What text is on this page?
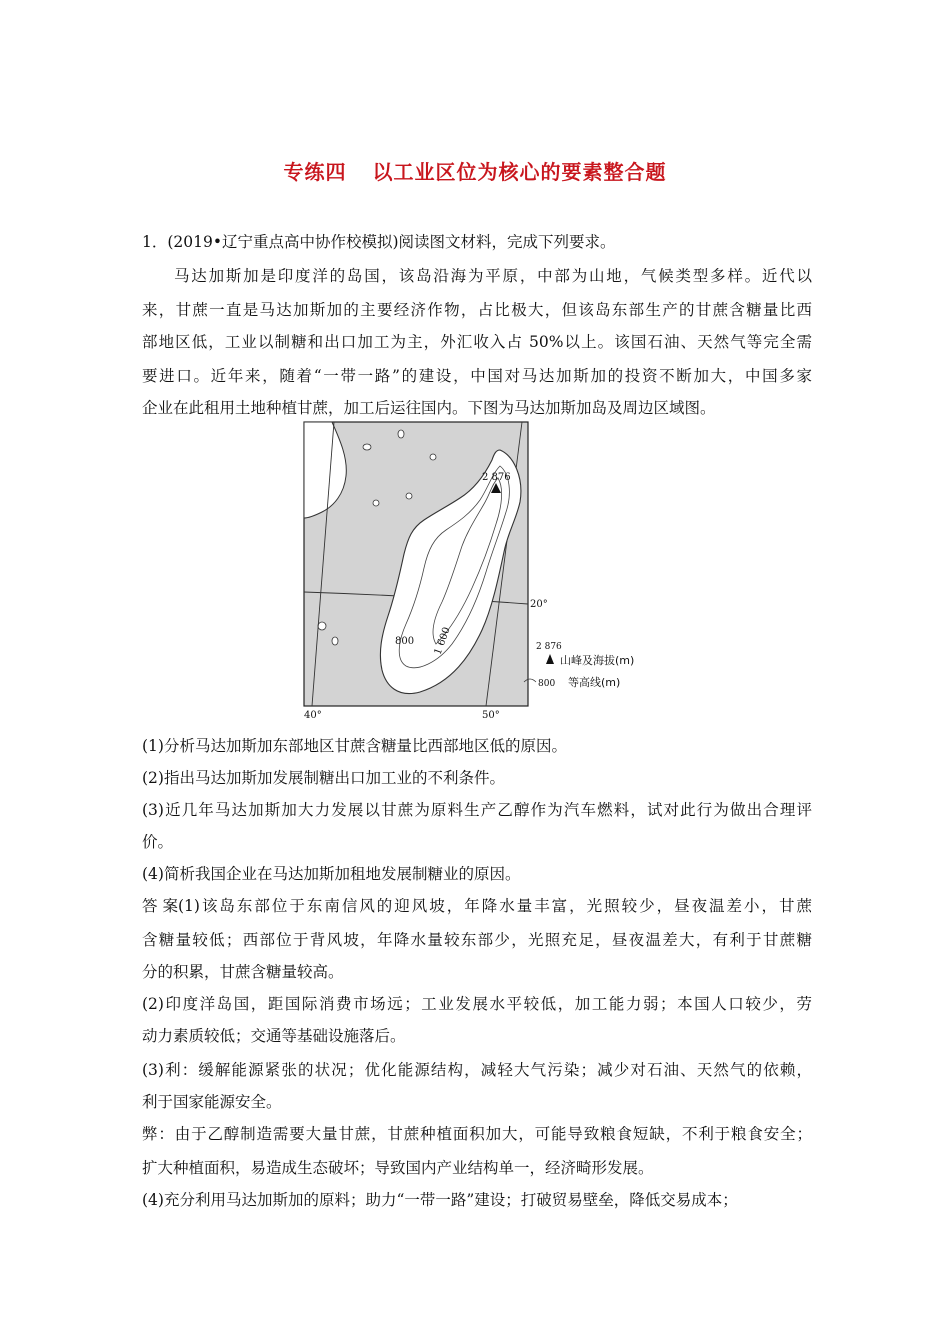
专练四 以工业区位为核心的要素整合题
1．(2019•辽宁重点高中协作校模拟)阅读图文材料，完成下列要求。
马达加斯加是印度洋的岛国，该岛沿海为平原，中部为山地，气候类型多样。近代以
来，甘蔗一直是马达加斯加的主要经济作物，占比极大，但该岛东部生产的甘蔗含糖量比西
部地区低，工业以制糖和出口加工为主，外汇收入占 50%以上。该国石油、天然气等完全需
要进口。近年来，随着“一带一路”的建设，中国对马达加斯加的投资不断加大，中国多家
企业在此租用土地种植甘蔗，加工后运往国内。下图为马达加斯加岛及周边区域图。
2 876
800 1 600
20°
40°	50°
2 876
山峰及海拔(m)
800 等高线(m)
(1)分析马达加斯加东部地区甘蔗含糖量比西部地区低的原因。
(2)指出马达加斯加发展制糖出口加工业的不利条件。
(3)近几年马达加斯加大力发展以甘蔗为原料生产乙醇作为汽车燃料，试对此行为做出合理评
价。
(4)简析我国企业在马达加斯加租地发展制糖业的原因。
答案(1)该岛东部位于东南信风的迎风坡，年降水量丰富，光照较少，昼夜温差小，甘蔗
含糖量较低；西部位于背风坡，年降水量较东部少，光照充足，昼夜温差大，有利于甘蔗糖
分的积累，甘蔗含糖量较高。
(2)印度洋岛国，距国际消费市场远；工业发展水平较低，加工能力弱；本国人口较少，劳
动力素质较低；交通等基础设施落后。
(3)利：缓解能源紧张的状况；优化能源结构，减轻大气污染；减少对石油、天然气的依赖，
利于国家能源安全。
弊：由于乙醇制造需要大量甘蔗，甘蔗种植面积加大，可能导致粮食短缺，不利于粮食安全；
扩大种植面积，易造成生态破坏；导致国内产业结构单一，经济畸形发展。
(4)充分利用马达加斯加的原料；助力“一带一路”建设；打破贸易壁垒，降低交易成本；
